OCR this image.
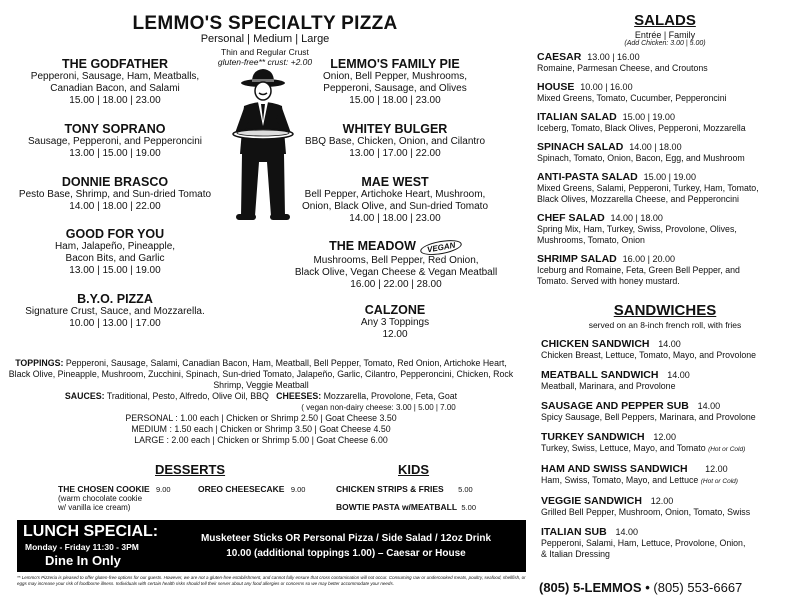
LEMMO'S SPECIALTY PIZZA
Personal | Medium | Large
Thin and Regular Crust
gluten-free** crust: +2.00
THE GODFATHER
Pepperoni, Sausage, Ham, Meatballs,
Canadian Bacon, and Salami
15.00 | 18.00 | 23.00
TONY SOPRANO
Sausage, Pepperoni, and Pepperoncini
13.00 | 15.00 | 19.00
DONNIE BRASCO
Pesto Base, Shrimp, and Sun-dried Tomato
14.00 | 18.00 | 22.00
GOOD FOR YOU
Ham, Jalapeño, Pineapple,
Bacon Bits, and Garlic
13.00 | 15.00 | 19.00
B.Y.O. PIZZA
Signature Crust, Sauce, and Mozzarella.
10.00 | 13.00 | 17.00
LEMMO'S FAMILY PIE
Onion, Bell Pepper, Mushrooms,
Pepperoni, Sausage, and Olives
15.00 | 18.00 | 23.00
WHITEY BULGER
BBQ Base, Chicken, Onion, and Cilantro
13.00 | 17.00 | 22.00
MAE WEST
Bell Pepper, Artichoke Heart, Mushroom,
Onion, Black Olive, and Sun-dried Tomato
14.00 | 18.00 | 23.00
THE MEADOW VEGAN
Mushrooms, Bell Pepper, Red Onion,
Black Olive, Vegan Cheese & Vegan Meatball
16.00 | 22.00 | 28.00
CALZONE
Any 3 Toppings
12.00
TOPPINGS: Pepperoni, Sausage, Salami, Canadian Bacon, Ham, Meatball, Bell Pepper, Tomato, Red Onion, Artichoke Heart, Black Olive, Pineapple, Mushroom, Zucchini, Spinach, Sun-dried Tomato, Jalapeño, Garlic, Cilantro, Pepperoncini, Chicken, Rock Shrimp, Veggie Meatball
SAUCES: Traditional, Pesto, Alfredo, Olive Oil, BBQ CHEESES: Mozzarella, Provolone, Feta, Goat
( vegan non-dairy cheese: 3.00 | 5.00 | 7.00
PERSONAL : 1.00 each | Chicken or Shrimp 2.50 | Goat Cheese 3.50
MEDIUM : 1.50 each | Chicken or Shrimp 3.50 | Goat Cheese 4.50
LARGE : 2.00 each | Chicken or Shrimp 5.00 | Goat Cheese 6.00
DESSERTS
THE CHOSEN COOKIE 9.00
(warm chocolate cookie
w/ vanilla ice cream)
OREO CHEESECAKE 9.00
KIDS
CHICKEN STRIPS & FRIES 5.00
BOWTIE PASTA w/MEATBALL 5.00
LUNCH SPECIAL:
Monday - Friday 11:30 - 3PM
Dine In Only
Musketeer Sticks OR Personal Pizza / Side Salad / 12oz Drink
10.00 (additional toppings 1.00) – Caesar or House
** Lemmo's Pizzeria is pleased to offer gluten-free options for our guests. However, we are not a gluten-free establishment, and cannot fully ensure that cross contamination will not occur. Consuming raw or undercooked meats, poultry, seafood, shellfish, or eggs may increase your risk of foodborne illness. Individuals with certain health risks should tell their server about any food allergies or concerns so we may better accommodate your needs.
SALADS
Entrée | Family
(Add Chicken: 3.00 | 5.00)
CAESAR 13.00 | 16.00
Romaine, Parmesan Cheese, and Croutons
HOUSE 10.00 | 16.00
Mixed Greens, Tomato, Cucumber, Pepperoncini
ITALIAN SALAD 15.00 | 19.00
Iceberg, Tomato, Black Olives, Pepperoni, Mozzarella
SPINACH SALAD 14.00 | 18.00
Spinach, Tomato, Onion, Bacon, Egg, and Mushroom
ANTI-PASTA SALAD 15.00 | 19.00
Mixed Greens, Salami, Pepperoni, Turkey, Ham, Tomato,
Black Olives, Mozzarella Cheese, and Pepperoncini
CHEF SALAD 14.00 | 18.00
Spring Mix, Ham, Turkey, Swiss, Provolone, Olives,
Mushrooms, Tomato, Onion
SHRIMP SALAD 16.00 | 20.00
Iceburg and Romaine, Feta, Green Bell Pepper, and
Tomato. Served with honey mustard.
SANDWICHES
served on an 8-inch french roll, with fries
CHICKEN SANDWICH 14.00
Chicken Breast, Lettuce, Tomato, Mayo, and Provolone
MEATBALL SANDWICH 14.00
Meatball, Marinara, and Provolone
SAUSAGE AND PEPPER SUB 14.00
Spicy Sausage, Bell Peppers, Marinara, and Provolone
TURKEY SANDWICH 12.00
Turkey, Swiss, Lettuce, Mayo, and Tomato (Hot or Cold)
HAM AND SWISS SANDWICH 12.00
Ham, Swiss, Tomato, Mayo, and Lettuce (Hot or Cold)
VEGGIE SANDWICH 12.00
Grilled Bell Pepper, Mushroom, Onion, Tomato, Swiss
ITALIAN SUB 14.00
Pepperoni, Salami, Ham, Lettuce, Provolone, Onion,
& Italian Dressing
(805) 5-LEMMOS • (805) 553-6667
